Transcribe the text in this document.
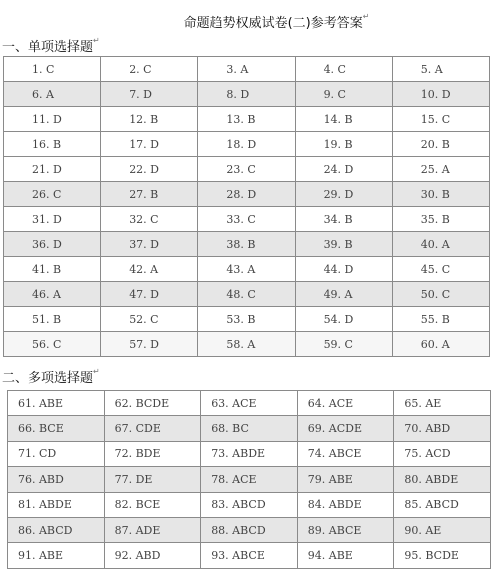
命题趋势权威试卷(二)参考答案↵
一、单项选择题↵
1. C	2. C	3. A	4. C	5. A
6. A	7. D	8. D	9. C	10. D
11. D	12. B	13. B	14. B	15. C
16. B	17. D	18. D	19. B	20. B
21. D	22. D	23. C	24. D	25. A
26. C	27. B	28. D	29. D	30. B
31. D	32. C	33. C	34. B	35. B
36. D	37. D	38. B	39. B	40. A
41. B	42. A	43. A	44. D	45. C
46. A	47. D	48. C	49. A	50. C
51. B	52. C	53. B	54. D	55. B
56. C	57. D	58. A	59. C	60. A
二、多项选择题↵
61. ABE	62. BCDE	63. ACE	64. ACE	65. AE
66. BCE	67. CDE	68. BC	69. ACDE	70. ABD
71. CD	72. BDE	73. ABDE	74. ABCE	75. ACD
76. ABD	77. DE	78. ACE	79. ABE	80. ABDE
81. ABDE	82. BCE	83. ABCD	84. ABDE	85. ABCD
86. ABCD	87. ADE	88. ABCD	89. ABCE	90. AE
91. ABE	92. ABD	93. ABCE	94. ABE	95. BCDE
